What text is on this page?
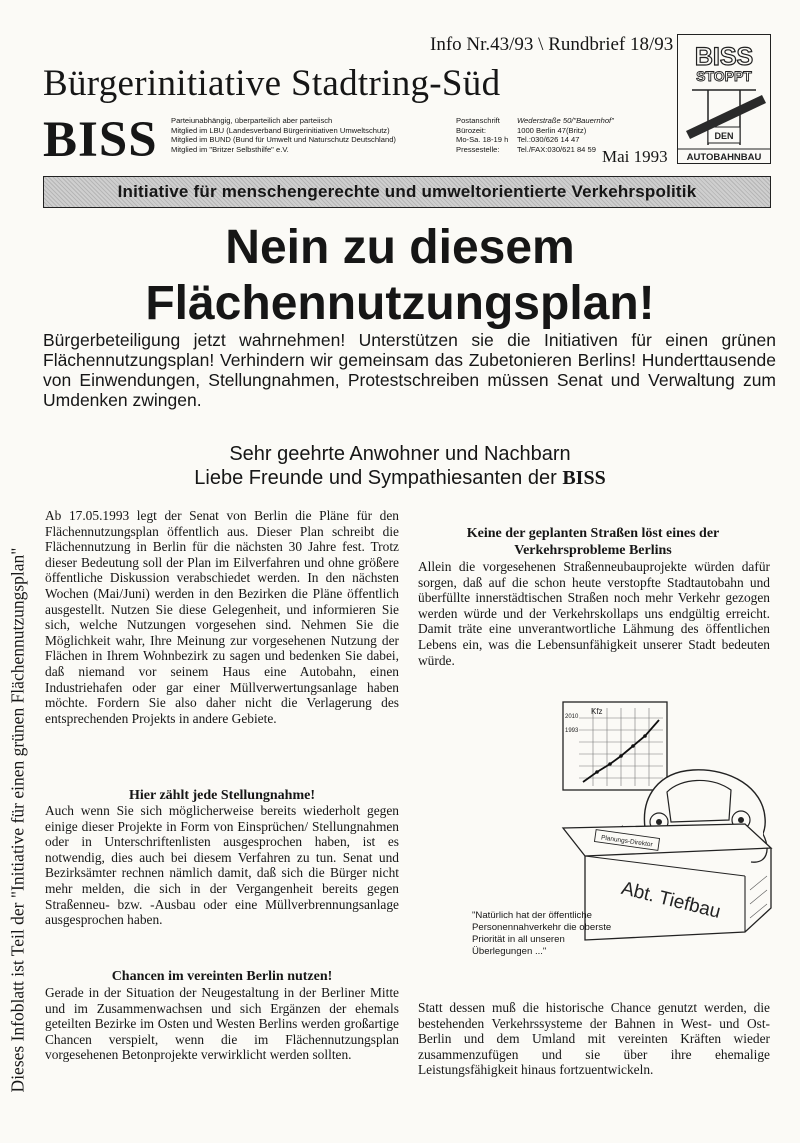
Info Nr.43/93 \ Rundbrief 18/93
Bürgerinitiative Stadtring-Süd
BISS Parteiunabhängig, überparteilich aber parteiisch
Mitglied im LBU (Landesverband Bürgerinitiativen Umweltschutz)
Mitglied im BUND (Bund für Umwelt und Naturschutz Deutschland)
Mitglied im "Britzer Selbsthilfe" e.V.
Postanschrift	Wederstraße 50/"Bauernhof"
Bürozeit:	1000 Berlin 47(Britz)
Mo-Sa. 18-19 h	Tel.:030/626 14 47
Pressestelle:	Tel./FAX:030/621 84 59 Mai 1993
BISS
STOPPT
DEN
AUTOBAHNBAU
Initiative für menschengerechte und umweltorientierte Verkehrspolitik
Nein zu diesem
Flächennutzungsplan!
Bürgerbeteiligung jetzt wahrnehmen! Unterstützen sie die Initiativen für einen grünen Flächennutzungsplan! Verhindern wir gemeinsam das Zubetonieren Berlins! Hunderttausende von Einwendungen, Stellungnahmen, Protestschreiben müssen Senat und Verwaltung zum Umdenken zwingen.
Sehr geehrte Anwohner und Nachbarn
Liebe Freunde und Sympathiesanten der BISS
Ab 17.05.1993 legt der Senat von Berlin die Pläne für den Flächennutzungsplan öffentlich aus. Dieser Plan schreibt die Flächennutzung in Berlin für die nächsten 30 Jahre fest. Trotz dieser Bedeutung soll der Plan im Eilverfahren und ohne größere öffentliche Diskussion verabschiedet werden. In den nächsten Wochen (Mai/Juni) werden in den Bezirken die Pläne öffentlich ausgestellt. Nutzen Sie diese Gelegenheit, und informieren Sie sich, welche Nutzungen vorgesehen sind. Nehmen Sie die Möglichkeit wahr, Ihre Meinung zur vorgesehenen Nutzung der Flächen in Ihrem Wohnbezirk zu sagen und bedenken Sie dabei, daß niemand vor seinem Haus eine Autobahn, einen Industriehafen oder gar einer Müllverwertungsanlage haben möchte. Fordern Sie also daher nicht die Verlagerung des entsprechenden Projekts in andere Gebiete.
Hier zählt jede Stellungnahme!
Auch wenn Sie sich möglicherweise bereits wiederholt gegen einige dieser Projekte in Form von Einsprüchen/ Stellungnahmen oder in Unterschriftenlisten ausgesprochen haben, ist es notwendig, dies auch bei diesem Verfahren zu tun. Senat und Bezirksämter rechnen nämlich damit, daß sich die Bürger nicht mehr melden, die sich in der Vergangenheit bereits gegen Straßenneu- bzw. -Ausbau oder eine Müllverbrennungsanlage ausgesprochen haben.
Chancen im vereinten Berlin nutzen!
Gerade in der Situation der Neugestaltung in der Berliner Mitte und im Zusammenwachsen und sich Ergänzen der ehemals geteilten Bezirke im Osten und Westen Berlins werden großartige Chancen verspielt, wenn die im Flächennutzungsplan vorgesehenen Betonprojekte verwirklicht werden sollten.
Keine der geplanten Straßen löst eines der Verkehrsprobleme Berlins
Allein die vorgesehenen Straßenneubauprojekte würden dafür sorgen, daß auf die schon heute verstopfte Stadtautobahn und überfüllte innerstädtischen Straßen noch mehr Verkehr gezogen werden würde und der Verkehrskollaps uns endgültig erreicht. Damit träte eine unverantwortliche Lähmung des öffentlichen Lebens ein, was die Lebensunfähigkeit unserer Stadt bedeuten würde.
Kfz
2010
1993
Planungs-Direktor
Abt. Tiefbau
"Natürlich hat der öffentliche Personennahverkehr die oberste Priorität in all unseren Überlegungen ..."
Statt dessen muß die historische Chance genutzt werden, die bestehenden Verkehrssysteme der Bahnen in West- und Ost-Berlin und dem Umland mit vereinten Kräften wieder zusammenzufügen und sie über ihre ehemalige Leistungsfähigkeit hinaus fortzuentwickeln.
Dieses Infoblatt ist Teil der "Initiative für einen grünen Flächennutzungsplan"
